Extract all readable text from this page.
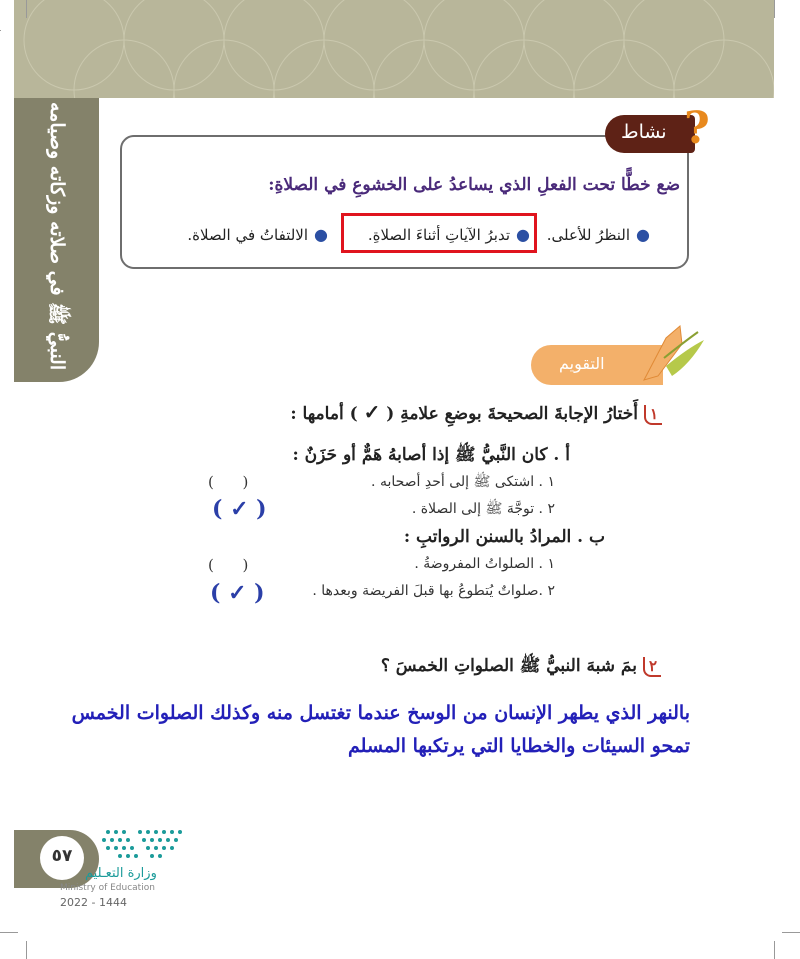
النبيُّ ﷺ في صلاته وزكاته وصيامه وحجه	نشاط ?
ضع خطًّا تحت الفعلِ الذي يساعدُ على الخشوعِ في الصلاةِ:
●النظرُ للأعلى.
●تدبرُ الآياتِ أثناءَ الصلاةِ.
●الالتفاتُ في الصلاة.
التقويم
١أَختارُ الإجابةَ الصحيحةَ بوضعِ علامةِ ( ✓ ) أمامها :
أ . كان النَّبيُّ ﷺ إذا أصابهُ هَمٌّ أو حَزَنٌ :
١ . اشتكى ﷺ إلى أحدِ أصحابه .
(      )
٢ . توجَّهَ ﷺ إلى الصلاة .
( ✓ )
ب . المرادُ بالسنن الرواتبِ :
١ . الصلواتُ المفروضةُ .
(      )
٢ .صلواتٌ يُتطوعُ بها قبلَ الفريضة وبعدها .
( ✓ )
٢بمَ شبهَ النبيُّ ﷺ الصلواتِ الخمسَ ؟
بالنهر الذي يطهر الإنسان من الوسخ عندما تغتسل منه وكذلك الصلوات الخمس
تمحو السيئات والخطايا التي يرتكبها المسلم
٥٧
وزارة التعـليم
Ministry of Education
2022 - 1444
